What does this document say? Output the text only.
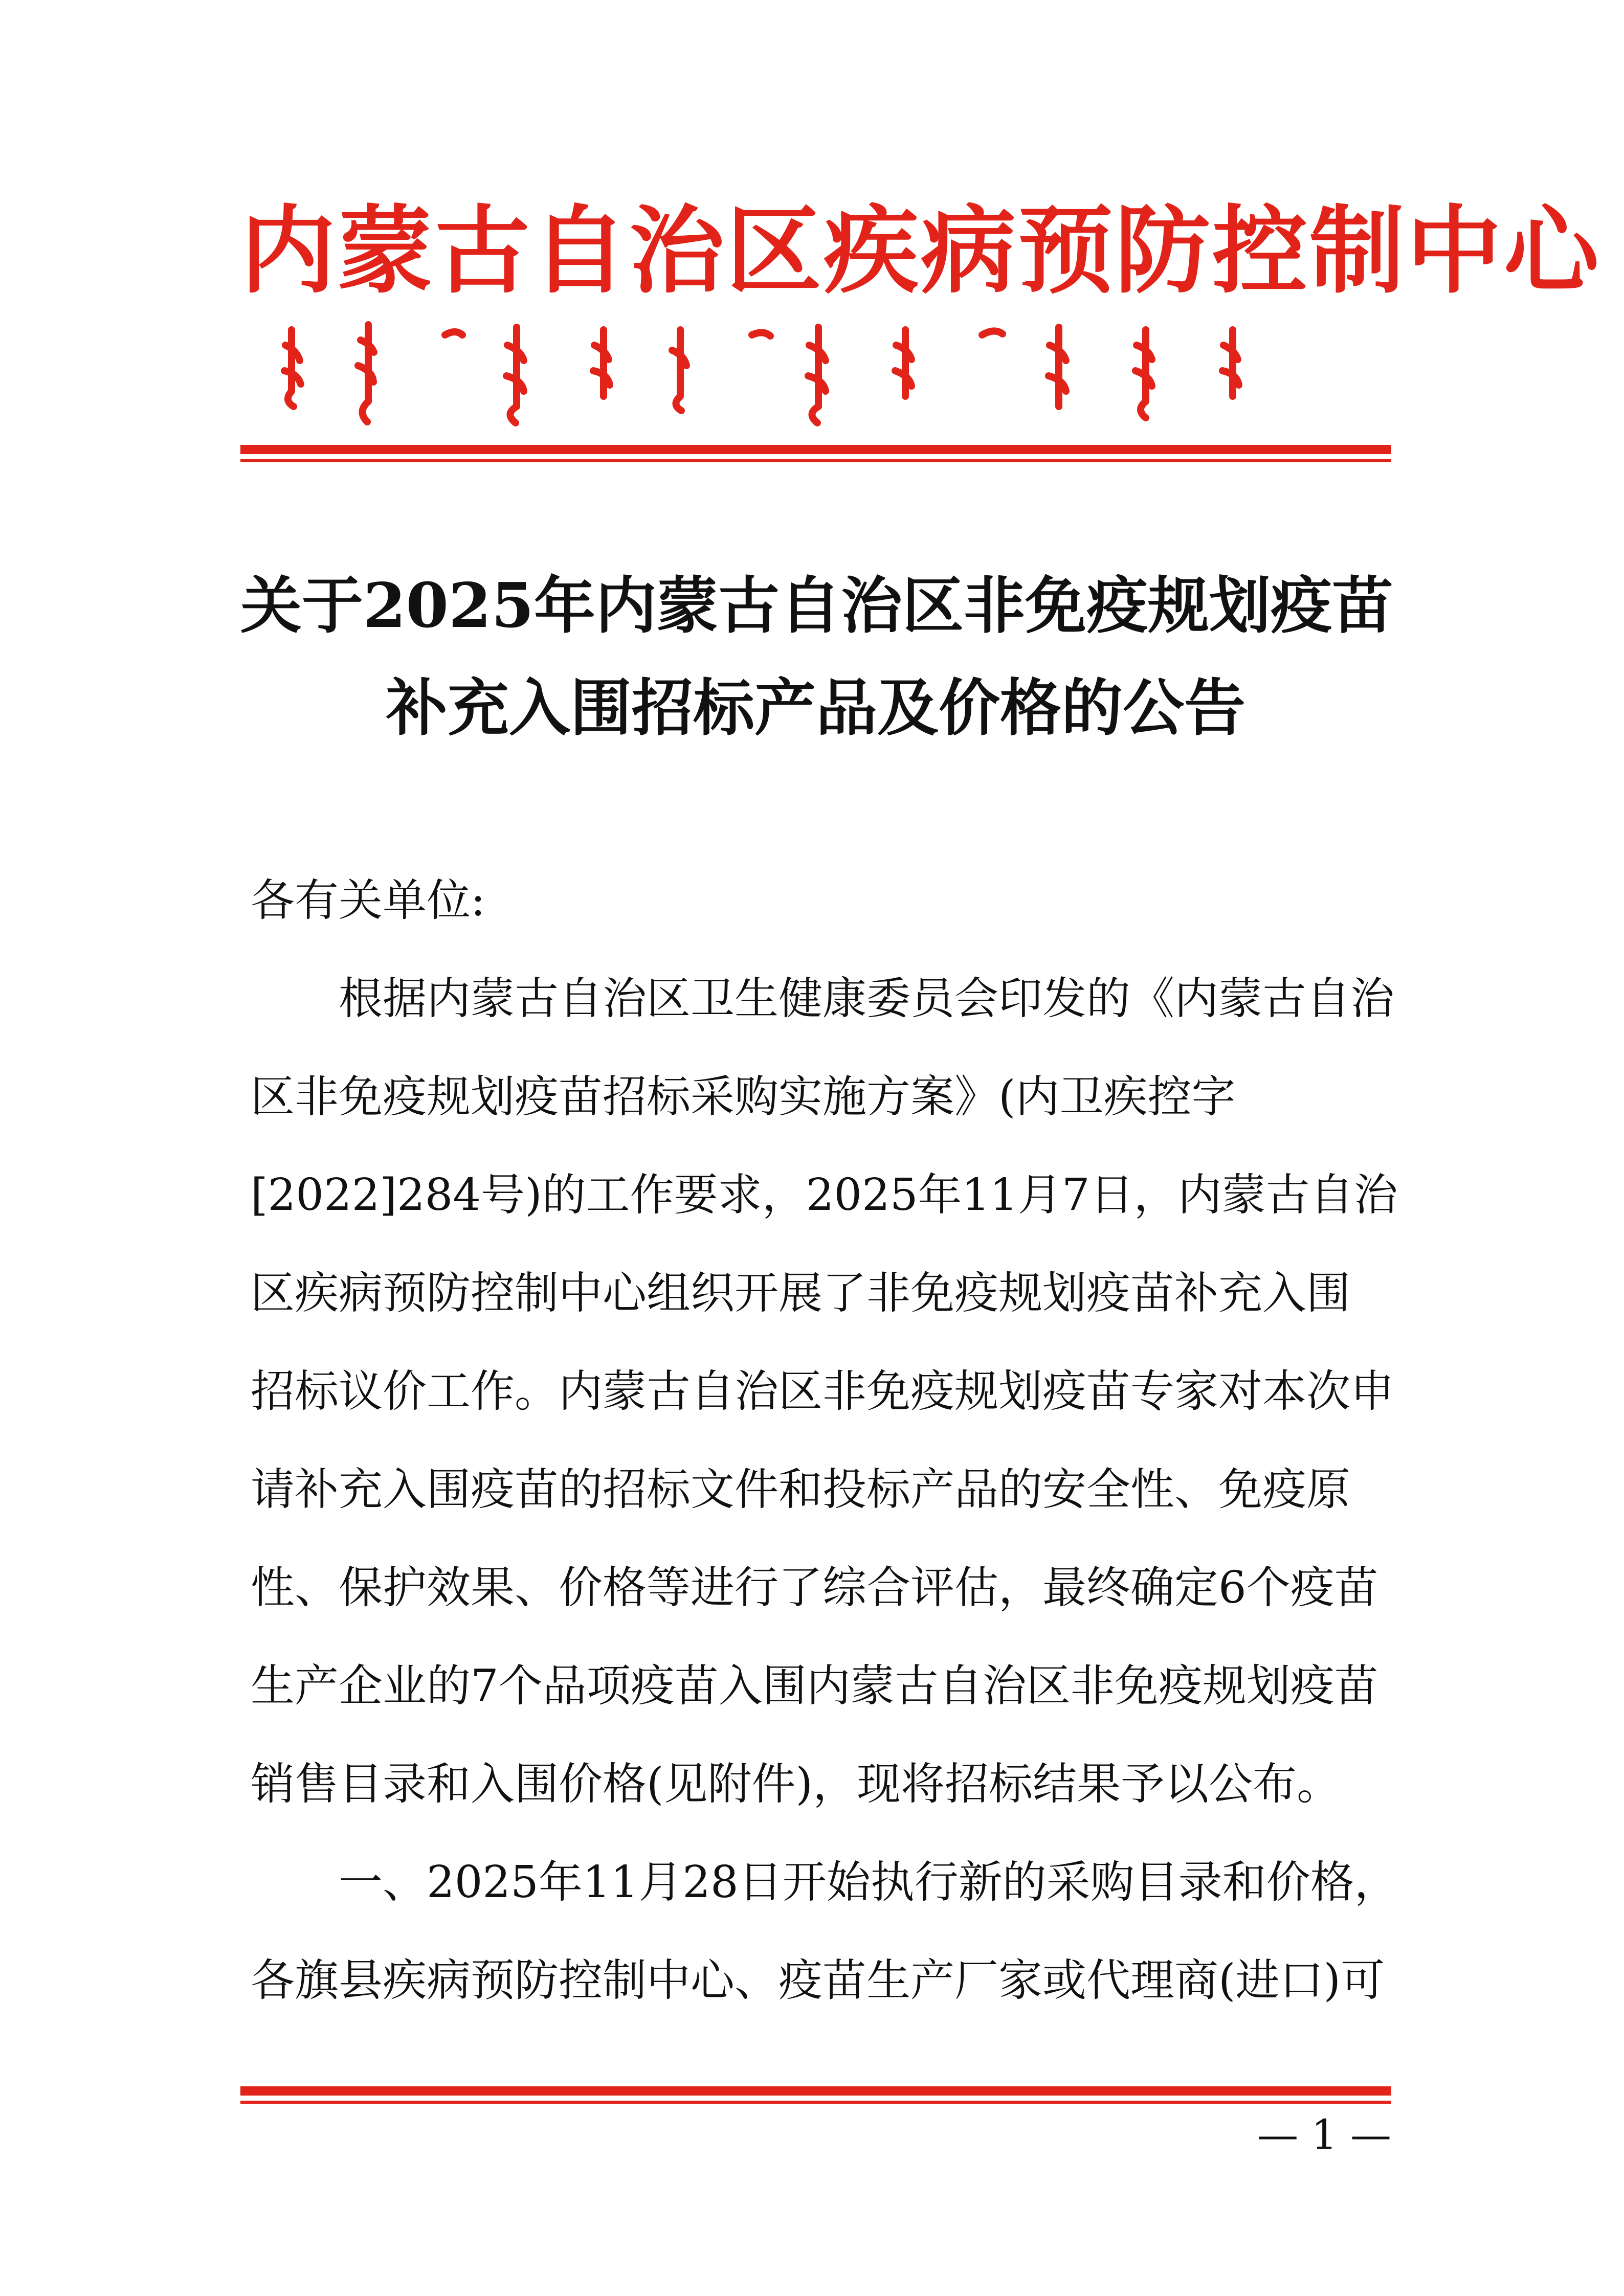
内蒙古自治区疾病预防控制中心
关于2025年内蒙古自治区非免疫规划疫苗
补充入围招标产品及价格的公告
各有关单位:
　　根据内蒙古自治区卫生健康委员会印发的《内蒙古自治
区非免疫规划疫苗招标采购实施方案》(内卫疾控字
[2022]284号)的工作要求，2025年11月7日，内蒙古自治
区疾病预防控制中心组织开展了非免疫规划疫苗补充入围
招标议价工作。内蒙古自治区非免疫规划疫苗专家对本次申
请补充入围疫苗的招标文件和投标产品的安全性、免疫原
性、保护效果、价格等进行了综合评估，最终确定6个疫苗
生产企业的7个品项疫苗入围内蒙古自治区非免疫规划疫苗
销售目录和入围价格(见附件)，现将招标结果予以公布。
　　一、2025年11月28日开始执行新的采购目录和价格，
各旗县疾病预防控制中心、疫苗生产厂家或代理商(进口)可
— 1 —
